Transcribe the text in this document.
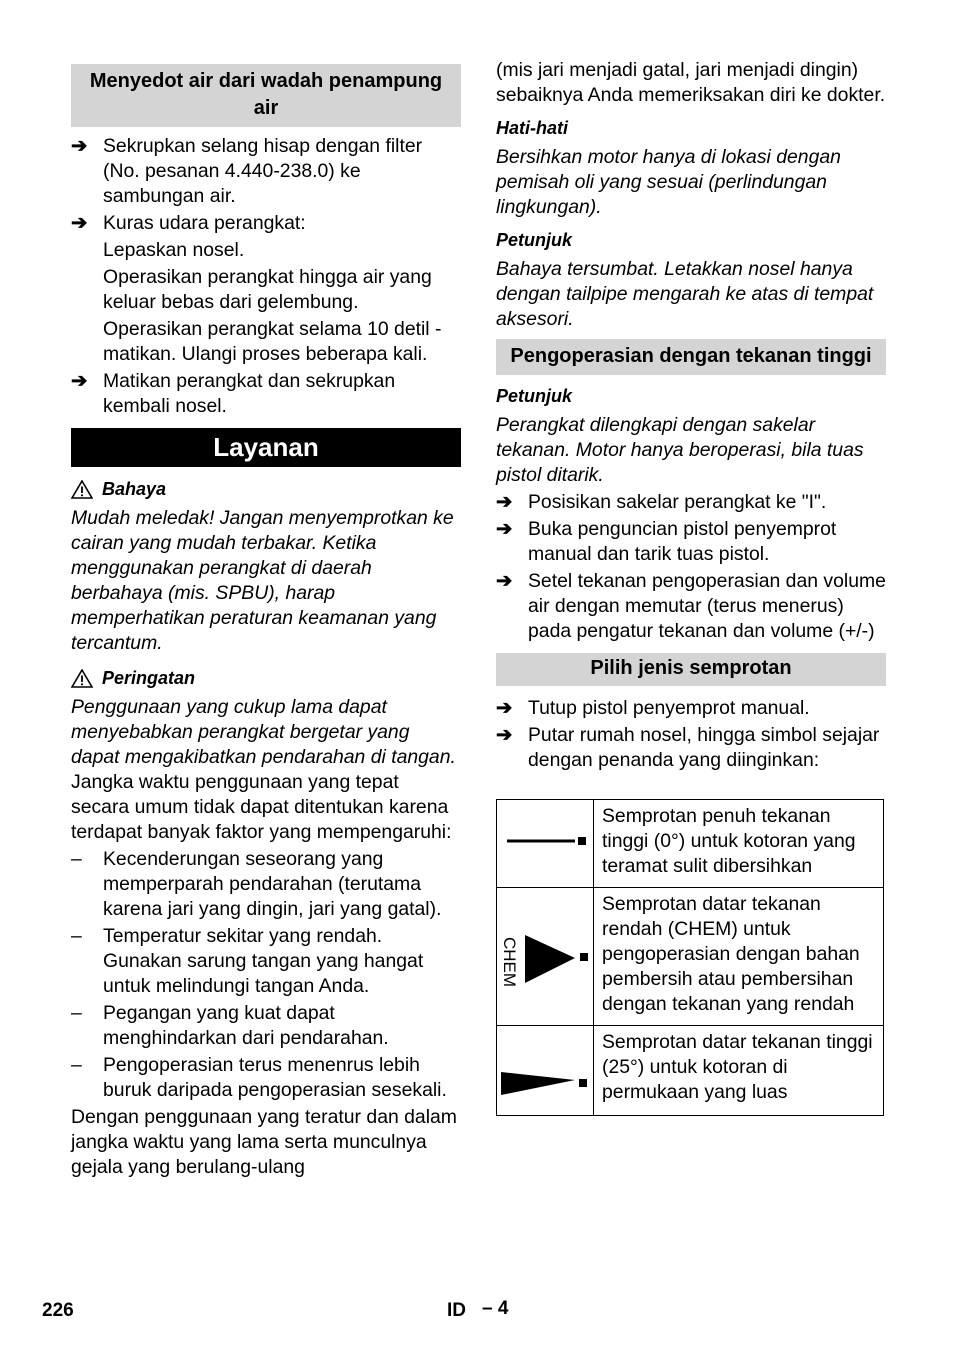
Menyedot air dari wadah penampung air
➔ Sekrupkan selang hisap dengan filter (No. pesanan 4.440-238.0) ke sambungan air.
➔ Kuras udara perangkat:

Lepaskan nosel.

Operasikan perangkat hingga air yang keluar bebas dari gelembung.

Operasikan perangkat selama 10 detil - matikan. Ulangi proses beberapa kali.

➔ Matikan perangkat dan sekrupkan kembali nosel.
Layanan
Bahaya

Mudah meledak! Jangan menyemprotkan ke cairan yang mudah terbakar. Ketika menggunakan perangkat di daerah berbahaya (mis. SPBU), harap memperhatikan peraturan keamanan yang tercantum.

Peringatan

Penggunaan yang cukup lama dapat menyebabkan perangkat bergetar yang dapat mengakibatkan pendarahan di tangan.

Jangka waktu penggunaan yang tepat secara umum tidak dapat ditentukan karena terdapat banyak faktor yang mempengaruhi:

– Kecenderungan seseorang yang memperparah pendarahan (terutama karena jari yang dingin, jari yang gatal).
– Temperatur sekitar yang rendah. Gunakan sarung tangan yang hangat untuk melindungi tangan Anda.
– Pegangan yang kuat dapat menghindarkan dari pendarahan.
– Pengoperasian terus menenrus lebih buruk daripada pengoperasian sesekali.

Dengan penggunaan yang teratur dan dalam jangka waktu yang lama serta munculnya gejala yang berulang-ulang

(mis jari menjadi gatal, jari menjadi dingin) sebaiknya Anda memeriksakan diri ke dokter.

Hati-hati

Bersihkan motor hanya di lokasi dengan pemisah oli yang sesuai (perlindungan lingkungan).

Petunjuk

Bahaya tersumbat. Letakkan nosel hanya dengan tailpipe mengarah ke atas di tempat aksesori.

Pengoperasian dengan tekanan tinggi

Petunjuk

Perangkat dilengkapi dengan sakelar tekanan. Motor hanya beroperasi, bila tuas pistol ditarik.

➔ Posisikan sakelar perangkat ke "I".
➔ Buka penguncian pistol penyemprot manual dan tarik tuas pistol.
➔ Setel tekanan pengoperasian dan volume air dengan memutar (terus menerus) pada pengatur tekanan dan volume (+/-)
Pilih jenis semprotan
➔ Tutup pistol penyemprot manual.
➔ Putar rumah nosel, hingga simbol sejajar dengan penanda yang diinginkan:
	Semprotan penuh tekanan tinggi (0°) untuk kotoran yang teramat sulit dibersihkan

CHEM	Semprotan datar tekanan rendah (CHEM) untuk pengoperasian dengan bahan pembersih atau pembersihan dengan tekanan yang rendah
	Semprotan datar tekanan tinggi (25°) untuk kotoran di permukaan yang luas
226	ID – 4
